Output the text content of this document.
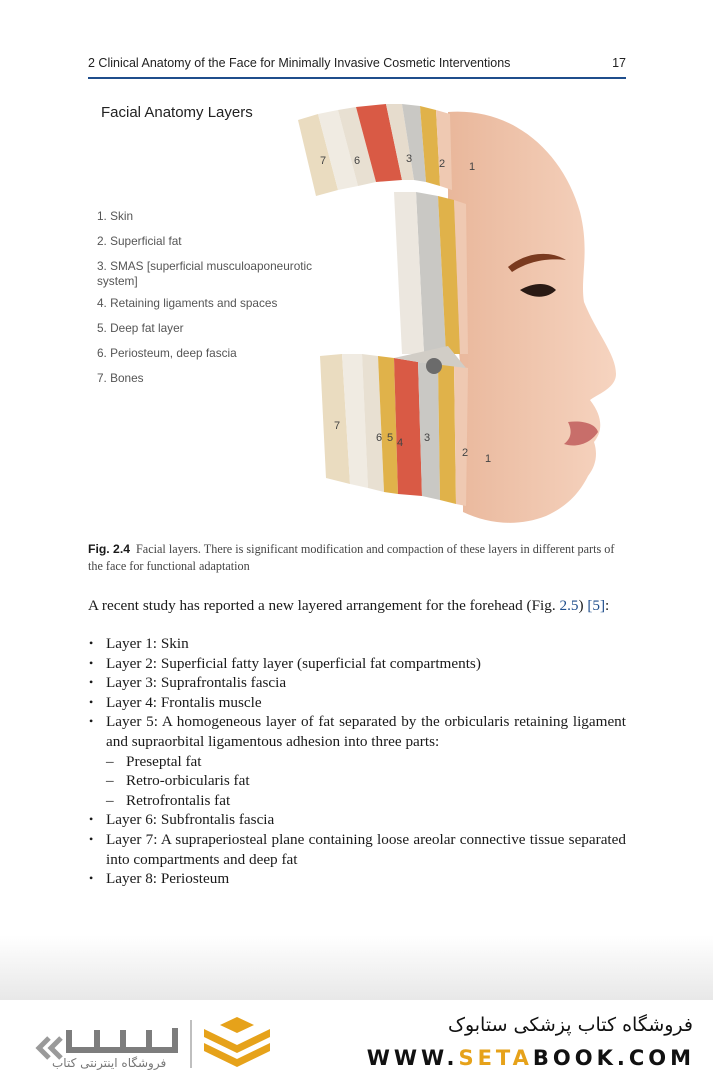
2 Clinical Anatomy of the Face for Minimally Invasive Cosmetic Interventions	17
Facial Anatomy Layers
1. Skin
2. Superficial fat
3. SMAS [superficial musculoaponeurotic system]
4. Retaining ligaments and spaces
5. Deep fat layer
6. Periosteum, deep fascia
7. Bones
7	6	3 2 1
7
6 5 4 3
2 1

Fig. 2.4 Facial layers. There is significant modification and compaction of these layers in different parts of the face for functional adaptation

A recent study has reported a new layered arrangement for the forehead (Fig. 2.5) [5]:

• Layer 1: Skin
• Layer 2: Superficial fatty layer (superficial fat compartments)
• Layer 3: Suprafrontalis fascia
• Layer 4: Frontalis muscle
• Layer 5: A homogeneous layer of fat separated by the orbicularis retaining ligament and supraorbital ligamentous adhesion into three parts:
– Preseptal fat
– Retro-orbicularis fat
– Retrofrontalis fat
• Layer 6: Subfrontalis fascia
• Layer 7: A supraperiosteal plane containing loose areolar connective tissue separated into compartments and deep fat
• Layer 8: Periosteum
فروشگاه اینترنتی کتاب
فروشگاه کتاب پزشکی ستابوک
WWW.SETABOOK.COM
